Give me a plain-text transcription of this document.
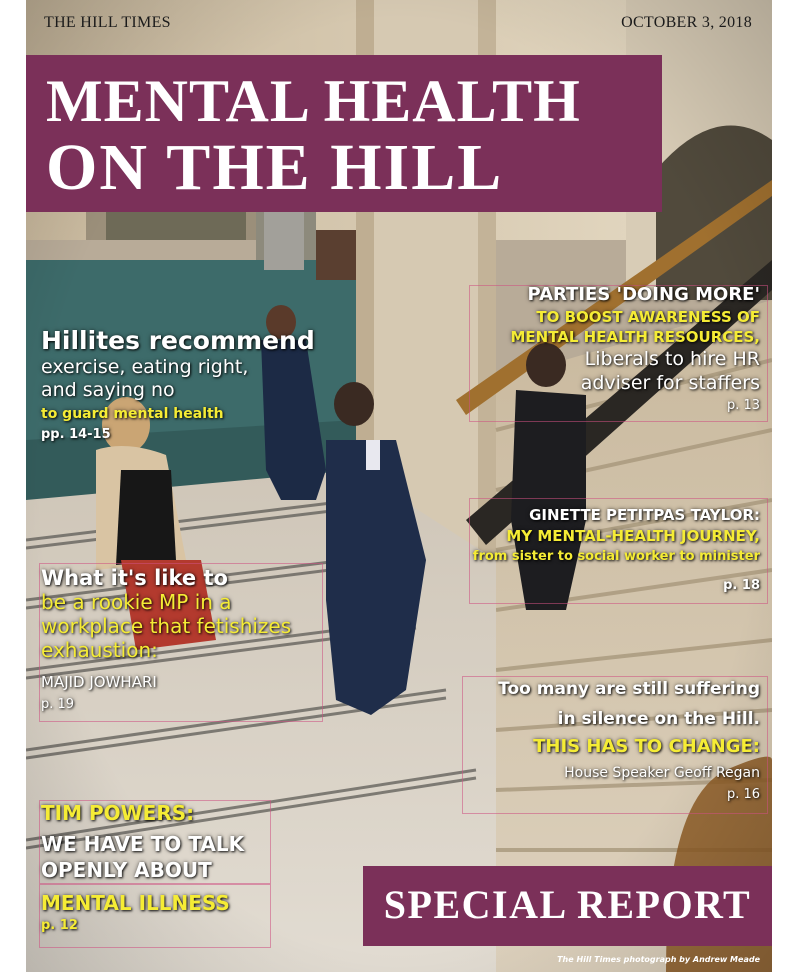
THE HILL TIMES	OCTOBER 3, 2018
MENTAL HEALTH
ON THE HILL
Hillites recommend
exercise, eating right,
and saying no
to guard mental health
pp. 14-15
PARTIES 'DOING MORE'
TO BOOST AWARENESS OF
MENTAL HEALTH RESOURCES,
Liberals to hire HR
adviser for staffers
p. 13
GINETTE PETITPAS TAYLOR:
MY MENTAL-HEALTH JOURNEY,
from sister to social worker to minister
p. 18
What it's like to
be a rookie MP in a
workplace that fetishizes
exhaustion:
MAJID JOWHARI
p. 19
Too many are still suffering
in silence on the Hill.
THIS HAS TO CHANGE:
House Speaker Geoff Regan
p. 16
TIM POWERS:
WE HAVE TO TALK
OPENLY ABOUT
MENTAL ILLNESS
p. 12	SPECIAL REPORT
The Hill Times photograph by Andrew Meade
